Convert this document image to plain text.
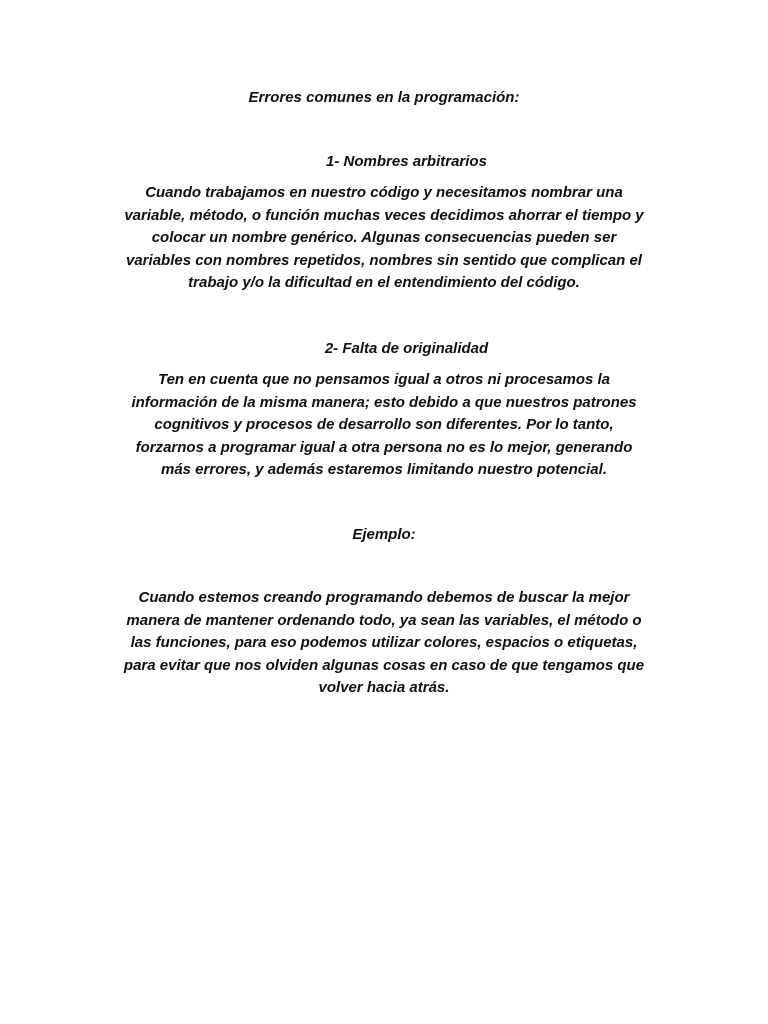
Errores comunes en la programación:
1- Nombres arbitrarios
Cuando trabajamos en nuestro código y necesitamos nombrar una
variable, método, o función muchas veces decidimos ahorrar el tiempo y
colocar un nombre genérico. Algunas consecuencias pueden ser
variables con nombres repetidos, nombres sin sentido que complican el
trabajo y/o la dificultad en el entendimiento del código.
2- Falta de originalidad
Ten en cuenta que no pensamos igual a otros ni procesamos la
información de la misma manera; esto debido a que nuestros patrones
cognitivos y procesos de desarrollo son diferentes. Por lo tanto,
forzarnos a programar igual a otra persona no es lo mejor, generando
más errores, y además estaremos limitando nuestro potencial.
Ejemplo:
Cuando estemos creando programando debemos de buscar la mejor
manera de mantener ordenando todo, ya sean las variables, el método o
las funciones, para eso podemos utilizar colores, espacios o etiquetas,
para evitar que nos olviden algunas cosas en caso de que tengamos que
volver hacia atrás.
